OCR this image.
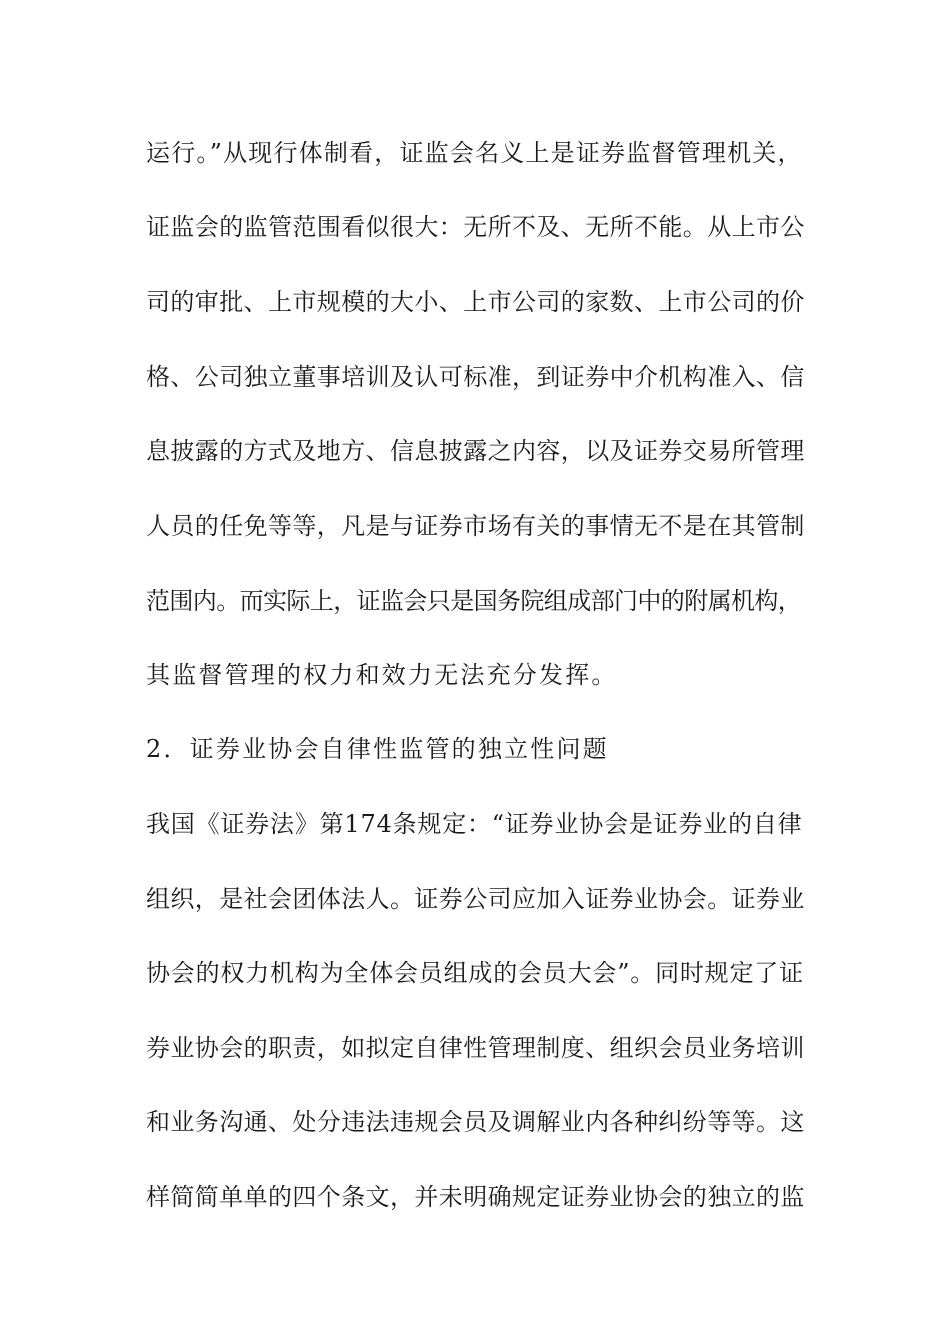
运行。”从现行体制看，证监会名义上是证券监督管理机关，
证监会的监管范围看似很大：无所不及、无所不能。从上市公
司的审批、上市规模的大小、上市公司的家数、上市公司的价
格、公司独立董事培训及认可标准，到证券中介机构准入、信
息披露的方式及地方、信息披露之内容，以及证券交易所管理
人员的任免等等，凡是与证券市场有关的事情无不是在其管制
范围内。而实际上，证监会只是国务院组成部门中的附属机构，
其监督管理的权力和效力无法充分发挥。
2．证券业协会自律性监管的独立性问题
我国《证券法》第174条规定：“证券业协会是证券业的自律
组织，是社会团体法人。证券公司应加入证券业协会。证券业
协会的权力机构为全体会员组成的会员大会”。同时规定了证
券业协会的职责，如拟定自律性管理制度、组织会员业务培训
和业务沟通、处分违法违规会员及调解业内各种纠纷等等。这
样简简单单的四个条文，并未明确规定证券业协会的独立的监
